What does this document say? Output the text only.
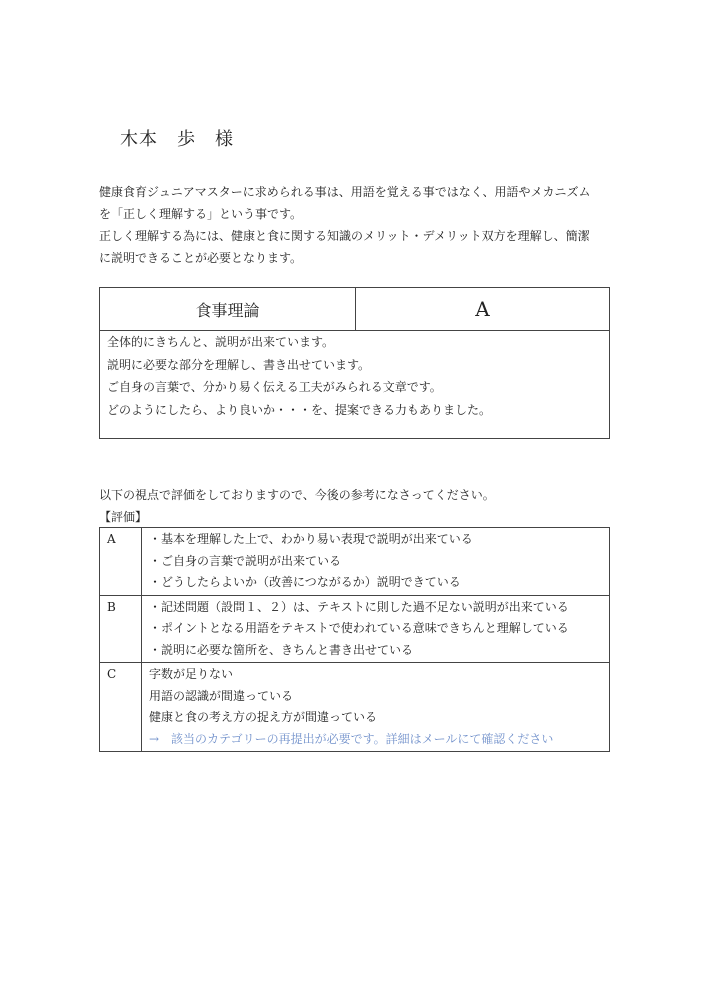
木本　歩　様

健康食育ジュニアマスターに求められる事は、用語を覚える事ではなく、用語やメカニズム

を「正しく理解する」という事です。

正しく理解する為には、健康と食に関する知識のメリット・デメリット双方を理解し、簡潔

に説明できることが必要となります。

食事理論	A

全体的にきちんと、説明が出来ています。

説明に必要な部分を理解し、書き出せています。

ご自身の言葉で、分かり易く伝える工夫がみられる文章です。

どのようにしたら、より良いか・・・を、提案できる力もありました。

以下の視点で評価をしておりますので、今後の参考になさってください。
【評価】
A	・基本を理解した上で、わかり易い表現で説明が出来ている

・ご自身の言葉で説明が出来ている

・どうしたらよいか（改善につながるか）説明できている

B	・記述問題（設問１、２）は、テキストに則した過不足ない説明が出来ている

・ポイントとなる用語をテキストで使われている意味できちんと理解している

・説明に必要な箇所を、きちんと書き出せている

C	字数が足りない

用語の認識が間違っている

健康と食の考え方の捉え方が間違っている

→　該当のカテゴリーの再提出が必要です。詳細はメールにて確認ください
